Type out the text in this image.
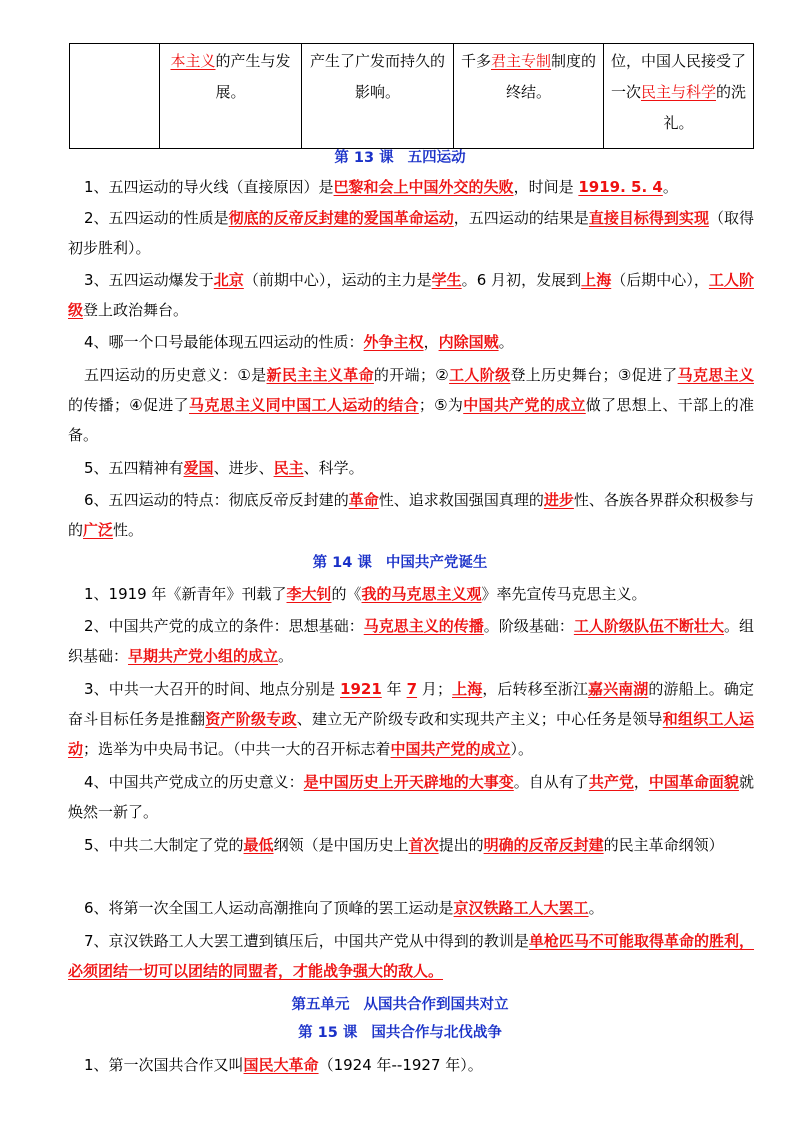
	本主义的产生与发展。	产生了广发而持久的影响。	千多君主专制制度的终结。	位，中国人民接受了一次民主与科学的洗礼。
第 13 课 五四运动

1、五四运动的导火线（直接原因）是巴黎和会上中国外交的失败，时间是 1919. 5. 4。

2、五四运动的性质是彻底的反帝反封建的爱国革命运动，五四运动的结果是直接目标得到实现（取得初步胜利）。

3、五四运动爆发于北京（前期中心），运动的主力是学生。6 月初，发展到上海（后期中心），工人阶级登上政治舞台。

4、哪一个口号最能体现五四运动的性质：外争主权，内除国贼。

五四运动的历史意义：①是新民主主义革命的开端；②工人阶级登上历史舞台；③促进了马克思主义的传播；④促进了马克思主义同中国工人运动的结合；⑤为中国共产党的成立做了思想上、干部上的准备。

5、五四精神有爱国、进步、民主、科学。

6、五四运动的特点：彻底反帝反封建的革命性、追求救国强国真理的进步性、各族各界群众积极参与的广泛性。

第 14 课 中国共产党诞生

1、1919 年《新青年》刊载了李大钊的《我的马克思主义观》率先宣传马克思主义。

2、中国共产党的成立的条件：思想基础：马克思主义的传播。阶级基础：工人阶级队伍不断壮大。组织基础：早期共产党小组的成立。

3、中共一大召开的时间、地点分别是 1921 年 7 月；上海，后转移至浙江嘉兴南湖的游船上。确定奋斗目标任务是推翻资产阶级专政、建立无产阶级专政和实现共产主义；中心任务是领导和组织工人运动；选举为中央局书记。（中共一大的召开标志着中国共产党的成立）。

4、中国共产党成立的历史意义：是中国历史上开天辟地的大事变。自从有了共产党，中国革命面貌就焕然一新了。

5、中共二大制定了党的最低纲领（是中国历史上首次提出的明确的反帝反封建的民主革命纲领）

6、将第一次全国工人运动高潮推向了顶峰的罢工运动是京汉铁路工人大罢工。

7、京汉铁路工人大罢工遭到镇压后，中国共产党从中得到的教训是单枪匹马不可能取得革命的胜利，必须团结一切可以团结的同盟者，才能战争强大的敌人。

第五单元 从国共合作到国共对立
第 15 课 国共合作与北伐战争

1、第一次国共合作又叫国民大革命（1924 年--1927 年）。
